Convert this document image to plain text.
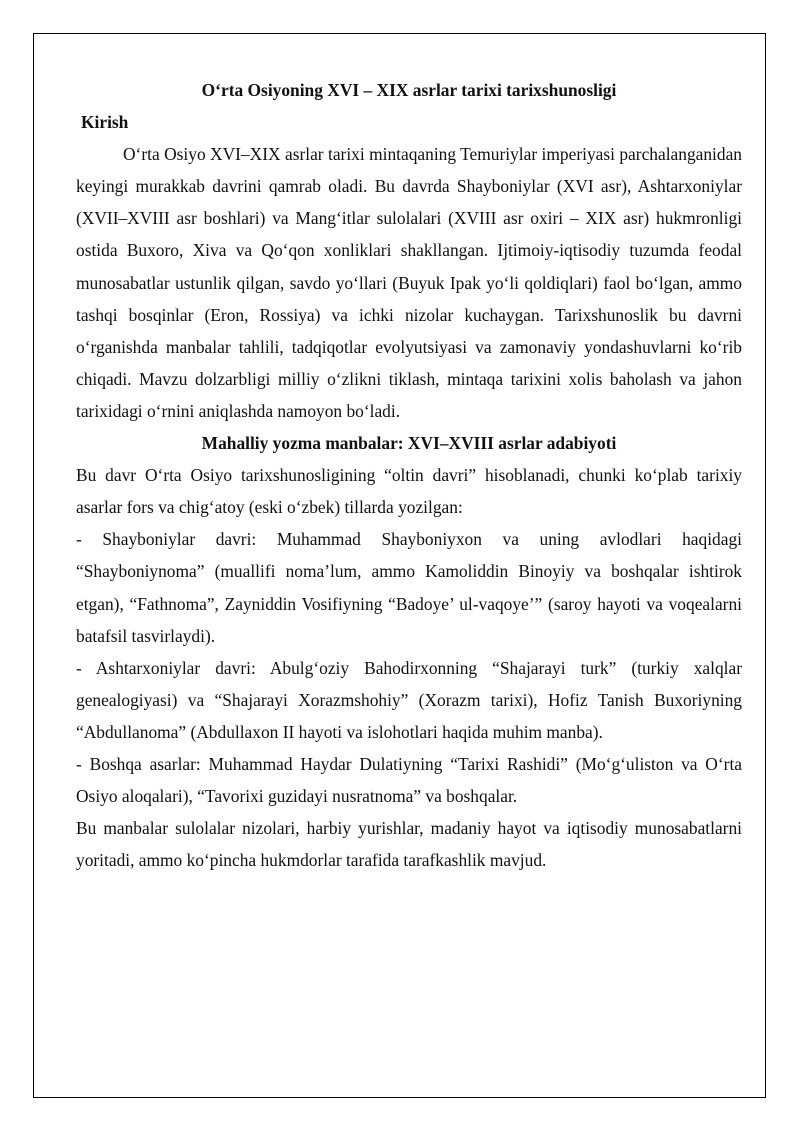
O‘rta Osiyoning XVI – XIX asrlar tarixi tarixshunosligi

Kirish

O‘rta Osiyo XVI–XIX asrlar tarixi mintaqaning Temuriylar imperiyasi parchalanganidan keyingi murakkab davrini qamrab oladi. Bu davrda Shayboniylar (XVI asr), Ashtarxoniylar (XVII–XVIII asr boshlari) va Mang‘itlar sulolalari (XVIII asr oxiri – XIX asr) hukmronligi ostida Buxoro, Xiva va Qo‘qon xonliklari shakllangan. Ijtimoiy-iqtisodiy tuzumda feodal munosabatlar ustunlik qilgan, savdo yo‘llari (Buyuk Ipak yo‘li qoldiqlari) faol bo‘lgan, ammo tashqi bosqinlar (Eron, Rossiya) va ichki nizolar kuchaygan. Tarixshunoslik bu davrni o‘rganishda manbalar tahlili, tadqiqotlar evolyutsiyasi va zamonaviy yondashuvlarni ko‘rib chiqadi. Mavzu dolzarbligi milliy o‘zlikni tiklash, mintaqa tarixini xolis baholash va jahon tarixidagi o‘rnini aniqlashda namoyon bo‘ladi.

Mahalliy yozma manbalar: XVI–XVIII asrlar adabiyoti

Bu davr O‘rta Osiyo tarixshunosligining “oltin davri” hisoblanadi, chunki ko‘plab tarixiy asarlar fors va chig‘atoy (eski o‘zbek) tillarda yozilgan:

- Shayboniylar davri: Muhammad Shayboniyxon va uning avlodlari haqidagi “Shayboniynoma” (muallifi noma’lum, ammo Kamoliddin Binoyiy va boshqalar ishtirok etgan), “Fathnoma”, Zayniddin Vosifiyning “Badoye’ ul-vaqoye’” (saroy hayoti va voqealarni batafsil tasvirlaydi).

- Ashtarxoniylar davri: Abulg‘oziy Bahodirxonning “Shajarayi turk” (turkiy xalqlar genealogiyasi) va “Shajarayi Xorazmshohiy” (Xorazm tarixi), Hofiz Tanish Buxoriyning “Abdullanoma” (Abdullaxon II hayoti va islohotlari haqida muhim manba).

- Boshqa asarlar: Muhammad Haydar Dulatiyning “Tarixi Rashidi” (Mo‘g‘uliston va O‘rta Osiyo aloqalari), “Tavorixi guzidayi nusratnoma” va boshqalar.

Bu manbalar sulolalar nizolari, harbiy yurishlar, madaniy hayot va iqtisodiy munosabatlarni yoritadi, ammo ko‘pincha hukmdorlar tarafida tarafkashlik mavjud.
